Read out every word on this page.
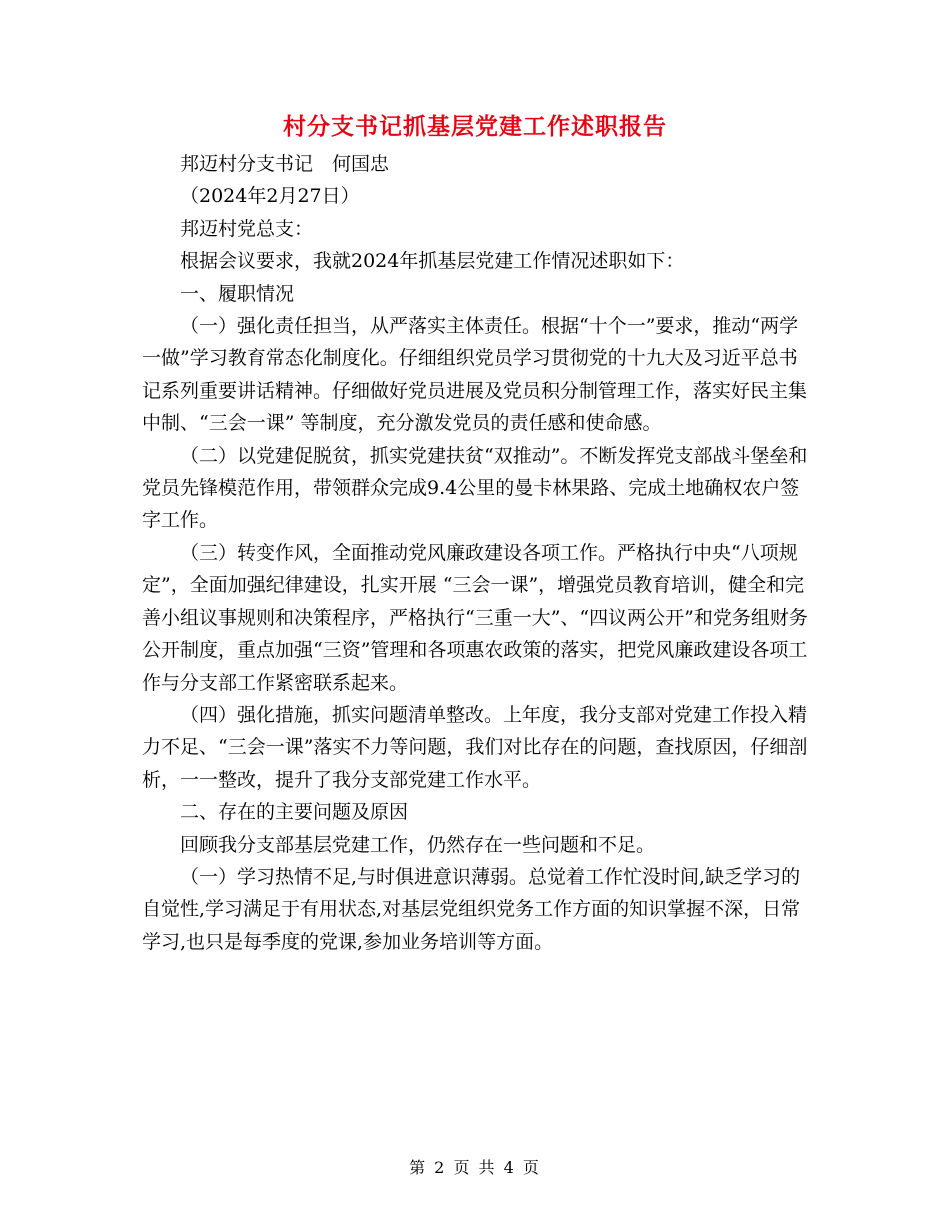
村分支书记抓基层党建工作述职报告

邦迈村分支书记　何国忠

（2024年2月27日）

邦迈村党总支：

根据会议要求，我就2024年抓基层党建工作情况述职如下：

一、履职情况

（一）强化责任担当，从严落实主体责任。根据“十个一”要求，推动“两学一做”学习教育常态化制度化。仔细组织党员学习贯彻党的十九大及习近平总书记系列重要讲话精神。仔细做好党员进展及党员积分制管理工作，落实好民主集中制、“三会一课” 等制度，充分激发党员的责任感和使命感。

（二）以党建促脱贫，抓实党建扶贫“双推动”。不断发挥党支部战斗堡垒和党员先锋模范作用，带领群众完成9.4公里的曼卡林果路、完成土地确权农户签字工作。

（三）转变作风，全面推动党风廉政建设各项工作。严格执行中央“八项规定”，全面加强纪律建设，扎实开展 “三会一课”，增强党员教育培训，健全和完善小组议事规则和决策程序，严格执行“三重一大”、“四议两公开”和党务组财务公开制度，重点加强“三资”管理和各项惠农政策的落实，把党风廉政建设各项工作与分支部工作紧密联系起来。

（四）强化措施，抓实问题清单整改。上年度，我分支部对党建工作投入精力不足、“三会一课”落实不力等问题，我们对比存在的问题，查找原因，仔细剖析，一一整改，提升了我分支部党建工作水平。

二、存在的主要问题及原因

回顾我分支部基层党建工作，仍然存在一些问题和不足。

（一）学习热情不足,与时俱进意识薄弱。总觉着工作忙没时间,缺乏学习的自觉性,学习满足于有用状态,对基层党组织党务工作方面的知识掌握不深，日常学习,也只是每季度的党课,参加业务培训等方面。

第 2 页 共 4 页
